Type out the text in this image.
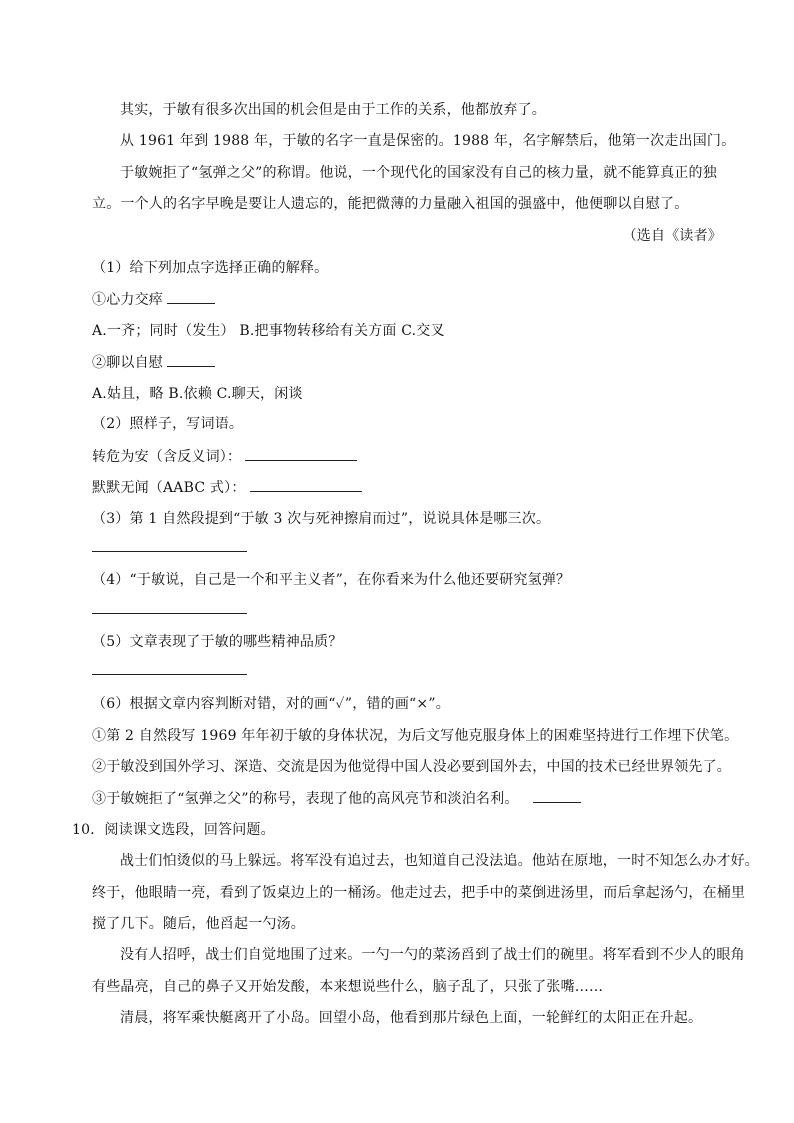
其实，于敏有很多次出国的机会但是由于工作的关系，他都放弃了。
从 1961 年到 1988 年，于敏的名字一直是保密的。1988 年，名字解禁后，他第一次走出国门。
于敏婉拒了“氢弹之父”的称谓。他说，一个现代化的国家没有自己的核力量，就不能算真正的独
立。一个人的名字早晚是要让人遗忘的，能把微薄的力量融入祖国的强盛中，他便聊以自慰了。
（选自《读者》
（1）给下列加点字选择正确的解释。
①心力交瘁
A.一齐；同时（发生） B.把事物转移给有关方面 C.交叉
②聊以自慰
A.姑且，略 B.依赖 C.聊天，闲谈
（2）照样子，写词语。
转危为安（含反义词）：
默默无闻（AABC 式）：
（3）第 1 自然段提到“于敏 3 次与死神擦肩而过”，说说具体是哪三次。
（4）“于敏说，自己是一个和平主义者”，在你看来为什么他还要研究氢弹？
（5）文章表现了于敏的哪些精神品质？
（6）根据文章内容判断对错，对的画“✓”，错的画“×”。
①第 2 自然段写 1969 年年初于敏的身体状况，为后文写他克服身体上的困难坚持进行工作埋下伏笔。
②于敏没到国外学习、深造、交流是因为他觉得中国人没必要到国外去，中国的技术已经世界领先了。
③于敏婉拒了“氢弹之父”的称号，表现了他的高风亮节和淡泊名利。
10．阅读课文选段，回答问题。
战士们怕烫似的马上躲远。将军没有追过去，也知道自己没法追。他站在原地，一时不知怎么办才好。
终于，他眼睛一亮，看到了饭桌边上的一桶汤。他走过去，把手中的菜倒进汤里，而后拿起汤勺，在桶里
搅了几下。随后，他舀起一勺汤。
没有人招呼，战士们自觉地围了过来。一勺一勺的菜汤舀到了战士们的碗里。将军看到不少人的眼角
有些晶亮，自己的鼻子又开始发酸，本来想说些什么，脑子乱了，只张了张嘴……
清晨，将军乘快艇离开了小岛。回望小岛，他看到那片绿色上面，一轮鲜红的太阳正在升起。
